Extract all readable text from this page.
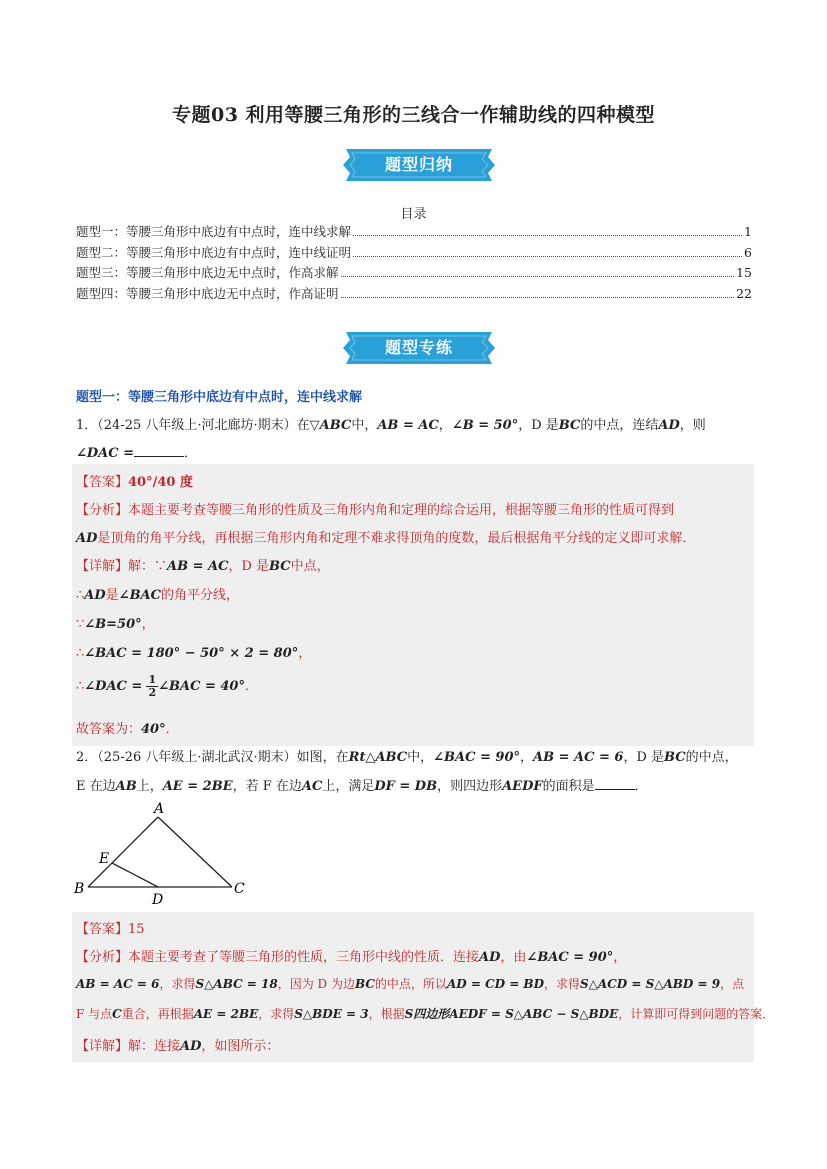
专题03 利用等腰三角形的三线合一作辅助线的四种模型
题型归纳
目录
题型一：等腰三角形中底边有中点时，连中线求解	1
题型二：等腰三角形中底边有中点时，连中线证明	6
题型三：等腰三角形中底边无中点时，作高求解	15
题型四：等腰三角形中底边无中点时，作高证明	22
题型专练
题型一：等腰三角形中底边有中点时，连中线求解
1．（24-25 八年级上·河北廊坊·期末）在▽ABC中，AB = AC，∠B = 50°，D 是BC的中点，连结AD，则
∠DAC =	．
【答案】40°/40 度
【分析】本题主要考查等腰三角形的性质及三角形内角和定理的综合运用，根据等腰三角形的性质可得到
AD是顶角的角平分线，再根据三角形内角和定理不难求得顶角的度数，最后根据角平分线的定义即可求解．
【详解】解：∵AB = AC，D 是BC中点，
∴AD是∠BAC的角平分线，
∵∠B=50°，
∴∠BAC = 180° − 50° × 2 = 80°，
∴∠DAC = $\frac{1}{2}$ ∠BAC = 40°．
故答案为：40°．
2．（25-26 八年级上·湖北武汉·期末）如图，在Rt△ABC中，∠BAC = 90°，AB = AC = 6，D 是BC的中点，
E 在边AB上，AE = 2BE，若 F 在边AC上，满足DF = DB，则四边形AEDF的面积是	．
A
B	C
D
E
【答案】15
【分析】本题主要考查了等腰三角形的性质，三角形中线的性质．连接AD，由∠BAC = 90°，
AB = AC = 6，求得S△ABC = 18，因为 D 为边BC的中点，所以AD = CD = BD，求得S△ACD = S△ABD = 9，点
F 与点C重合，再根据AE = 2BE，求得S△BDE = 3，根据S四边形AEDF = S△ABC − S△BDE，计算即可得到问题的答案．
【详解】解：连接AD，如图所示：
